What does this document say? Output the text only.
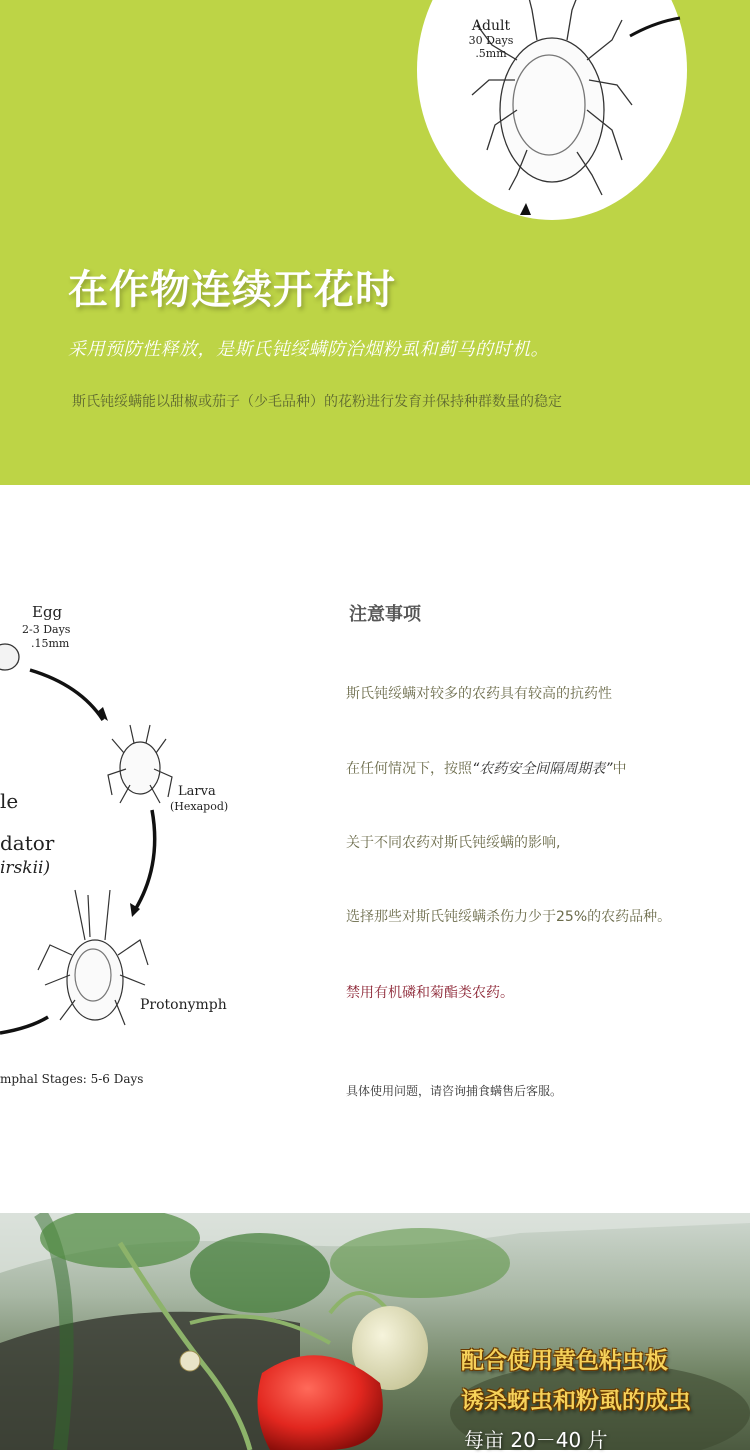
Adult
30 Days
.5mm
在作物连续开花时
采用预防性释放，是斯氏钝绥螨防治烟粉虱和蓟马的时机。
斯氏钝绥螨能以甜椒或茄子（少毛品种）的花粉进行发育并保持种群数量的稳定
Egg
2-3 Days
.15mm
Larva
(Hexapod)
Protonymph
le
dator
irskii)
mphal Stages: 5-6 Days
注意事项
斯氏钝绥螨对较多的农药具有较高的抗药性
在任何情况下，按照“农药安全间隔周期表”中
关于不同农药对斯氏钝绥螨的影响,
选择那些对斯氏钝绥螨杀伤力少于25%的农药品种。
禁用有机磷和菊酯类农药。
具体使用问题，请咨询捕食螨售后客服。
配合使用黄色粘虫板
诱杀蚜虫和粉虱的成虫
每亩 20－40 片
